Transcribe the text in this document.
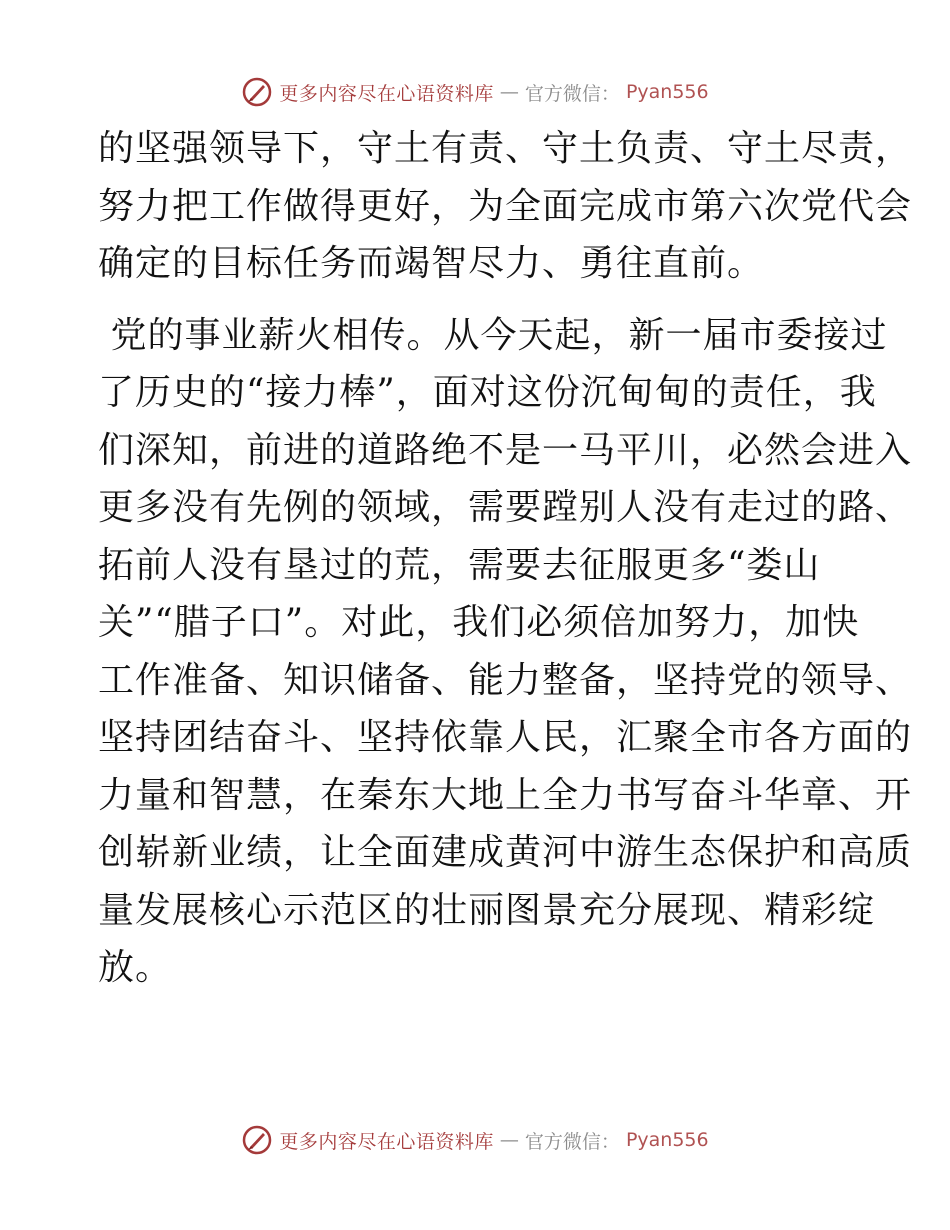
更多内容尽在心语资料库 — 官方微信： Pyan556

的坚强领导下，守土有责、守土负责、守土尽责，
努力把工作做得更好，为全面完成市第六次党代会
确定的目标任务而竭智尽力、勇往直前。

党的事业薪火相传。从今天起，新一届市委接过
了历史的“接力棒”，面对这份沉甸甸的责任，我
们深知，前进的道路绝不是一马平川，必然会进入
更多没有先例的领域，需要蹚别人没有走过的路、
拓前人没有垦过的荒，需要去征服更多“娄山
关”“腊子口”。对此，我们必须倍加努力，加快
工作准备、知识储备、能力整备，坚持党的领导、
坚持团结奋斗、坚持依靠人民，汇聚全市各方面的
力量和智慧，在秦东大地上全力书写奋斗华章、开
创崭新业绩，让全面建成黄河中游生态保护和高质
量发展核心示范区的壮丽图景充分展现、精彩绽
放。

更多内容尽在心语资料库 — 官方微信： Pyan556
